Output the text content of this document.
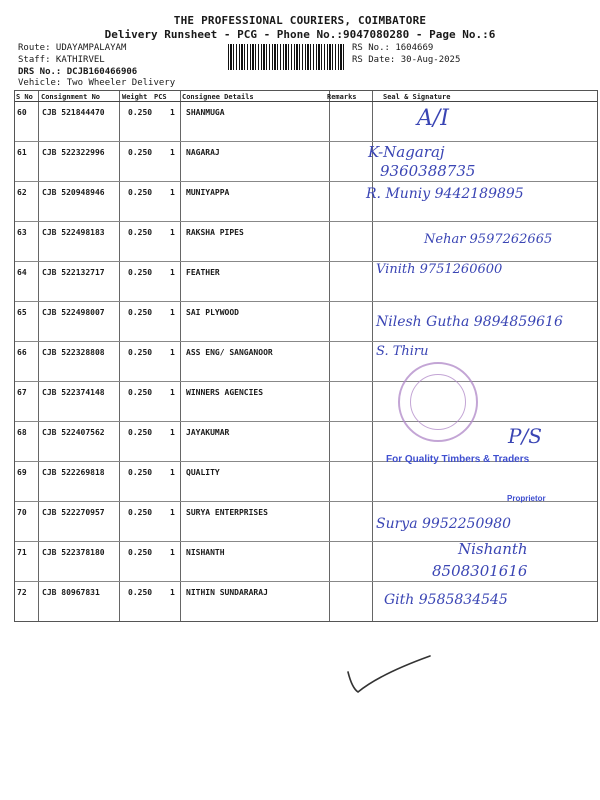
THE PROFESSIONAL COURIERS, COIMBATORE
Delivery Runsheet - PCG - Phone No.:9047080280 - Page No.:6
Route: UDAYAMPALAYAM
Staff: KATHIRVEL
DRS No.: DCJB160466906
Vehicle: Two Wheeler Delivery
RS No.: 1604669
RS Date: 30-Aug-2025
S No Consignment No	Weight PCS Consignee Details	Remarks	Seal & Signature
60 CJB 521844470	0.250 1 SHANMUGA
61 CJB 522322996	0.250 1 NAGARAJ
62 CJB 520948946	0.250 1 MUNIYAPPA
63 CJB 522498183	0.250 1 RAKSHA PIPES
64 CJB 522132717	0.250 1 FEATHER
65 CJB 522498007	0.250 1 SAI PLYWOOD
66 CJB 522328808	0.250 1 ASS ENG/ SANGANOOR
67 CJB 522374148	0.250 1 WINNERS AGENCIES
68 CJB 522407562	0.250 1 JAYAKUMAR
69 CJB 522269818	0.250 1 QUALITY
70 CJB 522270957	0.250 1 SURYA ENTERPRISES
71 CJB 522378180	0.250 1 NISHANTH
72 CJB 80967831	0.250 1 NITHIN SUNDARARAJ
A/I
K-Nagaraj
9360388735
R. Muniy 9442189895
Nehar 9597262665
Vinith 9751260600
Nilesh Gutha 9894859616
S. Thiru
P/S
For Quality Timbers & Traders
Proprietor
Surya 9952250980
Nishanth
8508301616
Gith 9585834545
